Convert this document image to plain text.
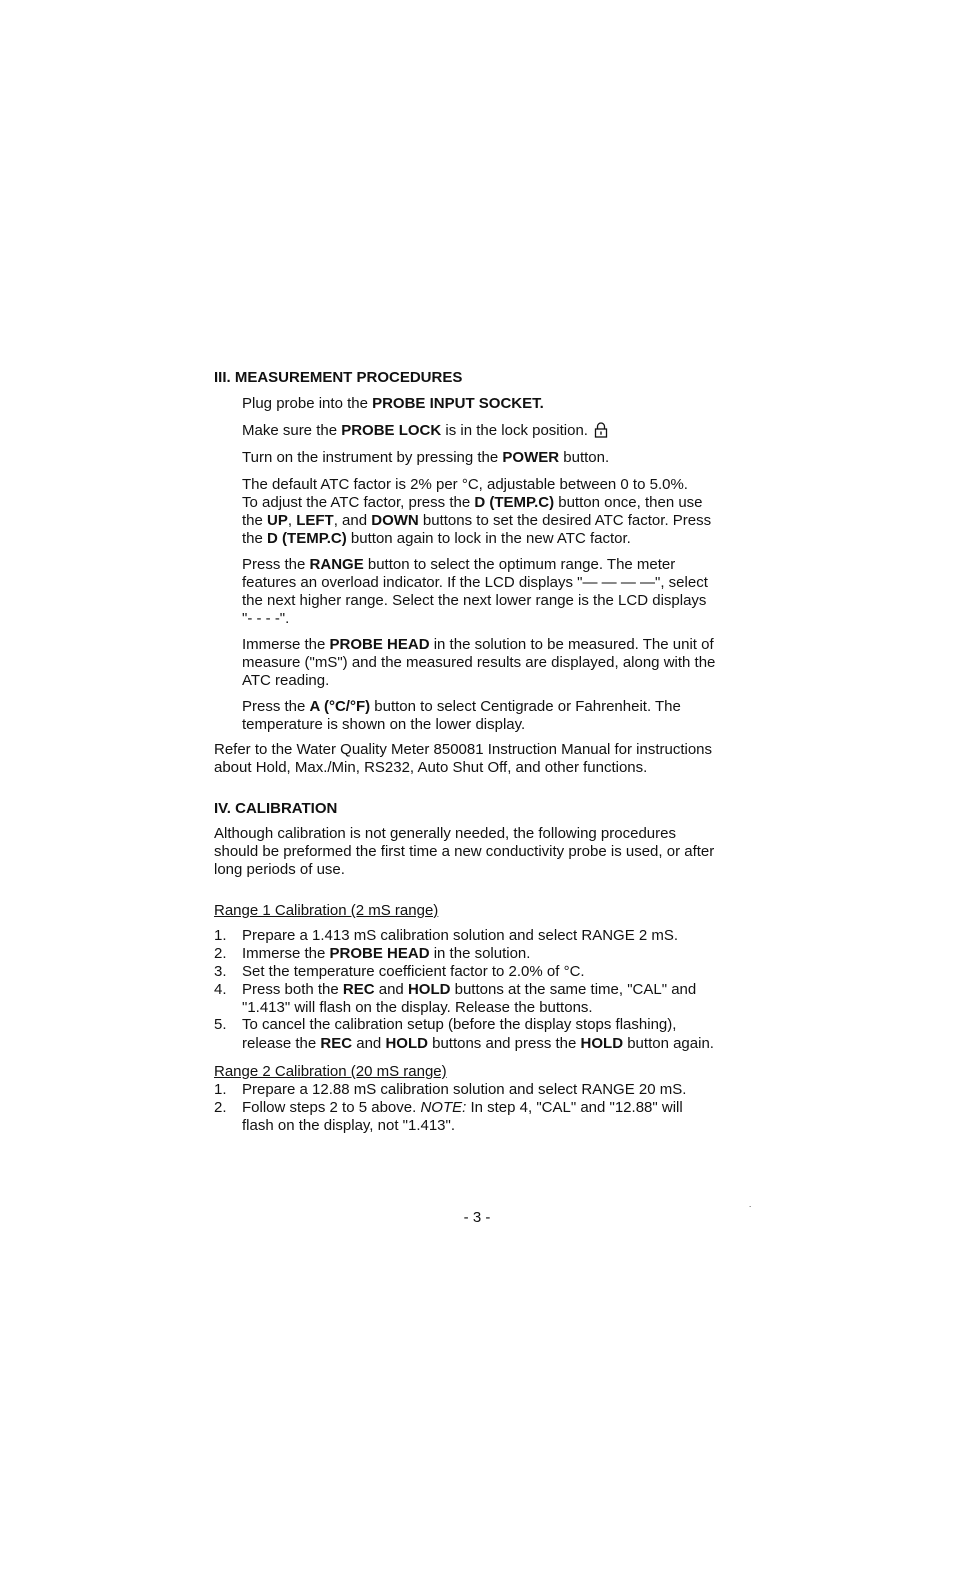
III. MEASUREMENT PROCEDURES
Plug probe into the PROBE INPUT SOCKET.
Make sure the PROBE LOCK is in the lock position.
Turn on the instrument by pressing the POWER button.
The default ATC factor is 2% per °C, adjustable between 0 to 5.0%.
To adjust the ATC factor, press the D (TEMP.C) button once, then use
the UP, LEFT, and DOWN buttons to set the desired ATC factor. Press
the D (TEMP.C) button again to lock in the new ATC factor.
Press the RANGE button to select the optimum range. The meter
features an overload indicator. If the LCD displays "— — — —", select
the next higher range. Select the next lower range is the LCD displays
"- - - -".
Immerse the PROBE HEAD in the solution to be measured. The unit of
measure ("mS") and the measured results are displayed, along with the
ATC reading.
Press the A (°C/°F) button to select Centigrade or Fahrenheit. The
temperature is shown on the lower display.
Refer to the Water Quality Meter 850081 Instruction Manual for instructions
about Hold, Max./Min, RS232, Auto Shut Off, and other functions.
IV. CALIBRATION
Although calibration is not generally needed, the following procedures
should be preformed the first time a new conductivity probe is used, or after
long periods of use.
Range 1 Calibration (2 mS range)
1. Prepare a 1.413 mS calibration solution and select RANGE 2 mS.
2. Immerse the PROBE HEAD in the solution.
3. Set the temperature coefficient factor to 2.0% of °C.
4. Press both the REC and HOLD buttons at the same time, "CAL" and
"1.413" will flash on the display. Release the buttons.
5. To cancel the calibration setup (before the display stops flashing),
release the REC and HOLD buttons and press the HOLD button again.
Range 2 Calibration (20 mS range)
1. Prepare a 12.88 mS calibration solution and select RANGE 20 mS.
2. Follow steps 2 to 5 above. NOTE: In step 4, "CAL" and "12.88" will
flash on the display, not "1.413".
.
- 3 -
